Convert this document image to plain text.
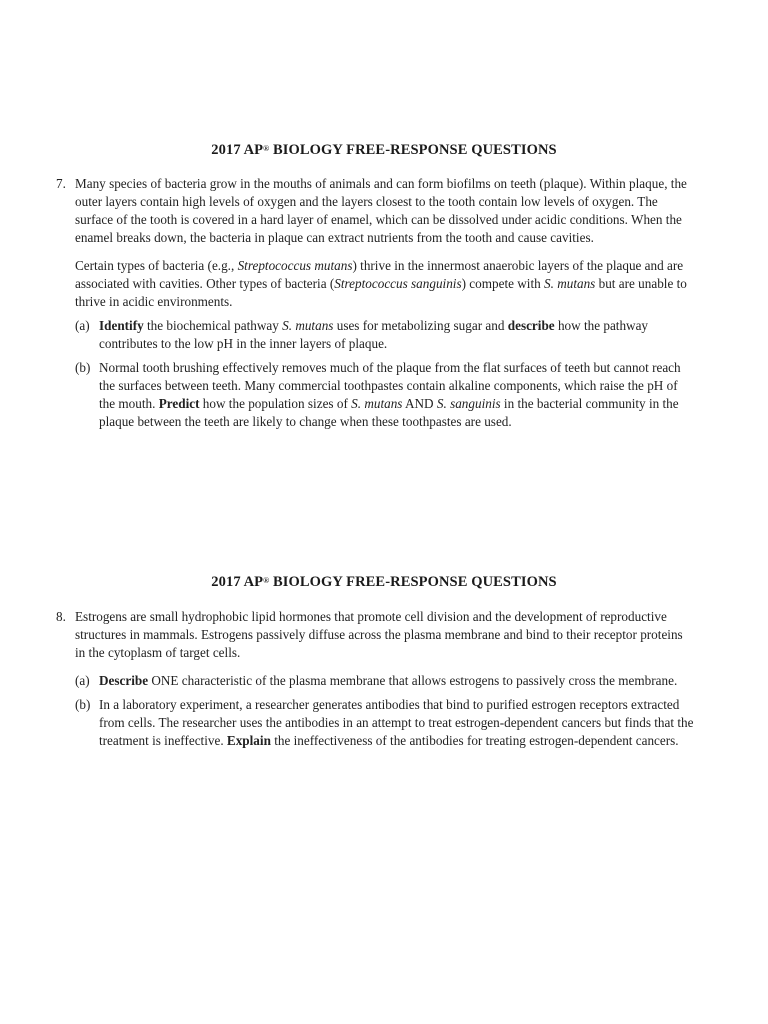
2017 AP® BIOLOGY FREE-RESPONSE QUESTIONS
7. Many species of bacteria grow in the mouths of animals and can form biofilms on teeth (plaque). Within plaque, the outer layers contain high levels of oxygen and the layers closest to the tooth contain low levels of oxygen. The surface of the tooth is covered in a hard layer of enamel, which can be dissolved under acidic conditions. When the enamel breaks down, the bacteria in plaque can extract nutrients from the tooth and cause cavities.

Certain types of bacteria (e.g., Streptococcus mutans) thrive in the innermost anaerobic layers of the plaque and are associated with cavities. Other types of bacteria (Streptococcus sanguinis) compete with S. mutans but are unable to thrive in acidic environments.

(a) Identify the biochemical pathway S. mutans uses for metabolizing sugar and describe how the pathway contributes to the low pH in the inner layers of plaque.

(b) Normal tooth brushing effectively removes much of the plaque from the flat surfaces of teeth but cannot reach the surfaces between teeth. Many commercial toothpastes contain alkaline components, which raise the pH of the mouth. Predict how the population sizes of S. mutans AND S. sanguinis in the bacterial community in the plaque between the teeth are likely to change when these toothpastes are used.

2017 AP® BIOLOGY FREE-RESPONSE QUESTIONS
8. Estrogens are small hydrophobic lipid hormones that promote cell division and the development of reproductive structures in mammals. Estrogens passively diffuse across the plasma membrane and bind to their receptor proteins in the cytoplasm of target cells.

(a) Describe ONE characteristic of the plasma membrane that allows estrogens to passively cross the membrane.

(b) In a laboratory experiment, a researcher generates antibodies that bind to purified estrogen receptors extracted from cells. The researcher uses the antibodies in an attempt to treat estrogen-dependent cancers but finds that the treatment is ineffective. Explain the ineffectiveness of the antibodies for treating estrogen-dependent cancers.
